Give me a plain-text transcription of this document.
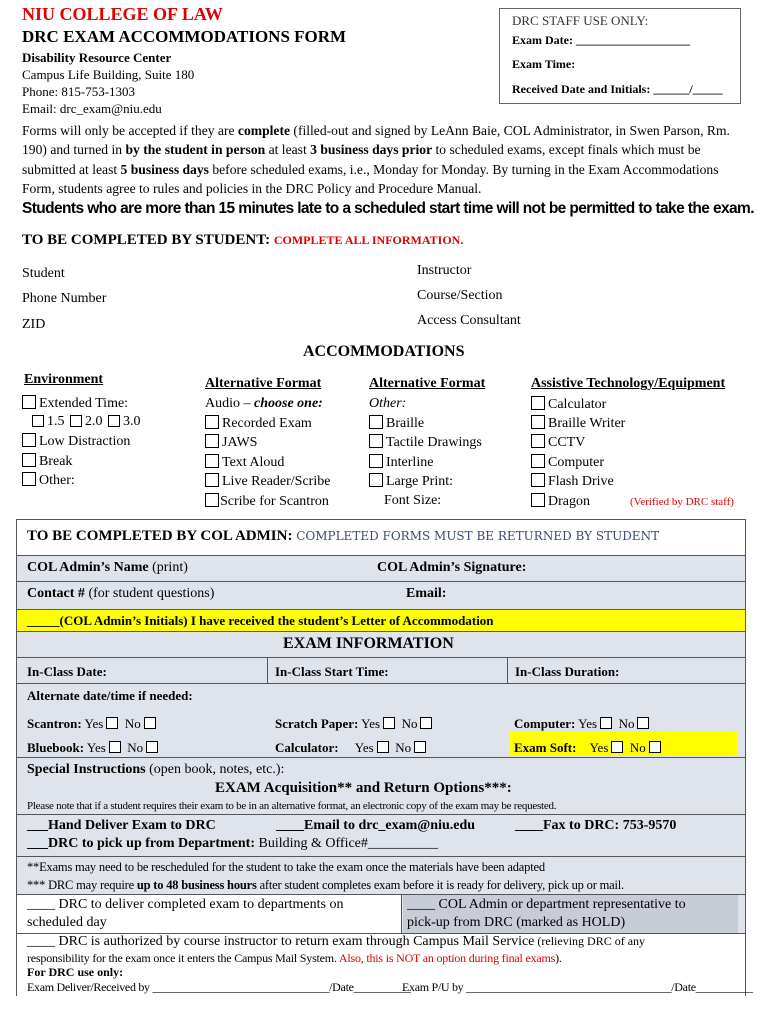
NIU COLLEGE OF LAW
DRC EXAM ACCOMMODATIONS FORM
Disability Resource Center
Campus Life Building, Suite 180
Phone: 815-753-1303
Email: drc_exam@niu.edu
DRC STAFF USE ONLY:
Exam Date: ___________________
Exam Time:
Received Date and Initials: ______/_____
Forms will only be accepted if they are complete (filled-out and signed by LeAnn Baie, COL Administrator, in Swen Parson, Rm. 190) and turned in by the student in person at least 3 business days prior to scheduled exams, except finals which must be submitted at least 5 business days before scheduled exams, i.e., Monday for Monday. By turning in the Exam Accommodations Form, students agree to rules and policies in the DRC Policy and Procedure Manual.
Students who are more than 15 minutes late to a scheduled start time will not be permitted to take the exam.
TO BE COMPLETED BY STUDENT: COMPLETE ALL INFORMATION.
Student
Phone Number
ZID
Instructor
Course/Section
Access Consultant
ACCOMMODATIONS
Environment
Extended Time:
1.5 2.0 3.0
Low Distraction
Break
Other:
Alternative Format
Audio – choose one:
Recorded Exam
JAWS
Text Aloud
Live Reader/Scribe
Scribe for Scantron
Alternative Format
Other:
Braille
Tactile Drawings
Interline
Large Print:
Font Size:
Assistive Technology/Equipment
Calculator
Braille Writer
CCTV
Computer
Flash Drive
Dragon	(Verified by DRC staff)
TO BE COMPLETED BY COL ADMIN: COMPLETED FORMS MUST BE RETURNED BY STUDENT
COL Admin’s Name (print)	COL Admin’s Signature:
Contact # (for student questions)	Email:
_____(COL Admin’s Initials) I have received the student’s Letter of Accommodation
EXAM INFORMATION
In-Class Date:	In-Class Start Time:	In-Class Duration:
Alternate date/time if needed:
Scantron: Yes No	Scratch Paper: Yes No	Computer: Yes No
Bluebook: Yes No	Calculator: Yes No	Exam Soft: Yes No
Special Instructions (open book, notes, etc.):
EXAM Acquisition** and Return Options***:
Please note that if a student requires their exam to be in an alternative format, an electronic copy of the exam may be requested.
___Hand Deliver Exam to DRC	____Email to drc_exam@niu.edu	____Fax to DRC: 753-9570
___DRC to pick up from Department: Building & Office#__________
**Exams may need to be rescheduled for the student to take the exam once the materials have been adapted
*** DRC may require up to 48 business hours after student completes exam before it is ready for delivery, pick up or mail.
____ DRC to deliver completed exam to departments on
scheduled day
____ COL Admin or department representative to
pick-up from DRC (marked as HOLD)
____ DRC is authorized by course instructor to return exam through Campus Mail Service (relieving DRC of any
responsibility for the exam once it enters the Campus Mail System. Also, this is NOT an option during final exams).
For DRC use only:
Exam Deliver/Received by _______________________________/Date__________
Exam P/U by ____________________________________/Date__________
